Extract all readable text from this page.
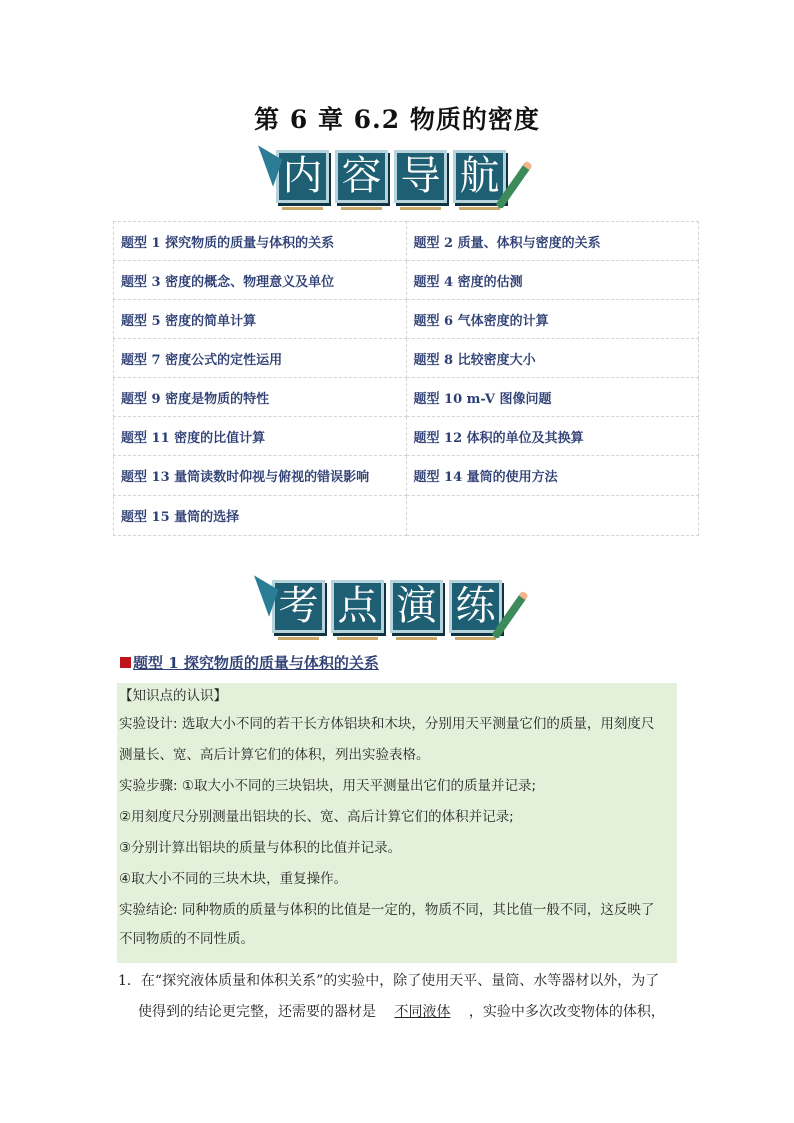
第 6 章 6.2 物质的密度
内 容 导 航
题型 1 探究物质的质量与体积的关系	题型 2 质量、体积与密度的关系
题型 3 密度的概念、物理意义及单位	题型 4 密度的估测
题型 5 密度的简单计算	题型 6 气体密度的计算
题型 7 密度公式的定性运用	题型 8 比较密度大小
题型 9 密度是物质的特性	题型 10 m-V 图像问题
题型 11 密度的比值计算	题型 12 体积的单位及其换算
题型 13 量筒读数时仰视与俯视的错误影响	题型 14 量筒的使用方法
题型 15 量筒的选择	
考 点 演 练
题型 1 探究物质的质量与体积的关系
【知识点的认识】
实验设计: 选取大小不同的若干长方体铝块和木块，分别用天平测量它们的质量，用刻度尺
测量长、宽、高后计算它们的体积，列出实验表格。
实验步骤: ①取大小不同的三块铝块，用天平测量出它们的质量并记录;
②用刻度尺分别测量出铝块的长、宽、高后计算它们的体积并记录;
③分别计算出铝块的质量与体积的比值并记录。
④取大小不同的三块木块，重复操作。
实验结论: 同种物质的质量与体积的比值是一定的，物质不同，其比值一般不同，这反映了
不同物质的不同性质。
1．在“探究液体质量和体积关系”的实验中，除了使用天平、量筒、水等器材以外，为了
使得到的结论更完整，还需要的器材是 不同液体 ，实验中多次改变物体的体积，
